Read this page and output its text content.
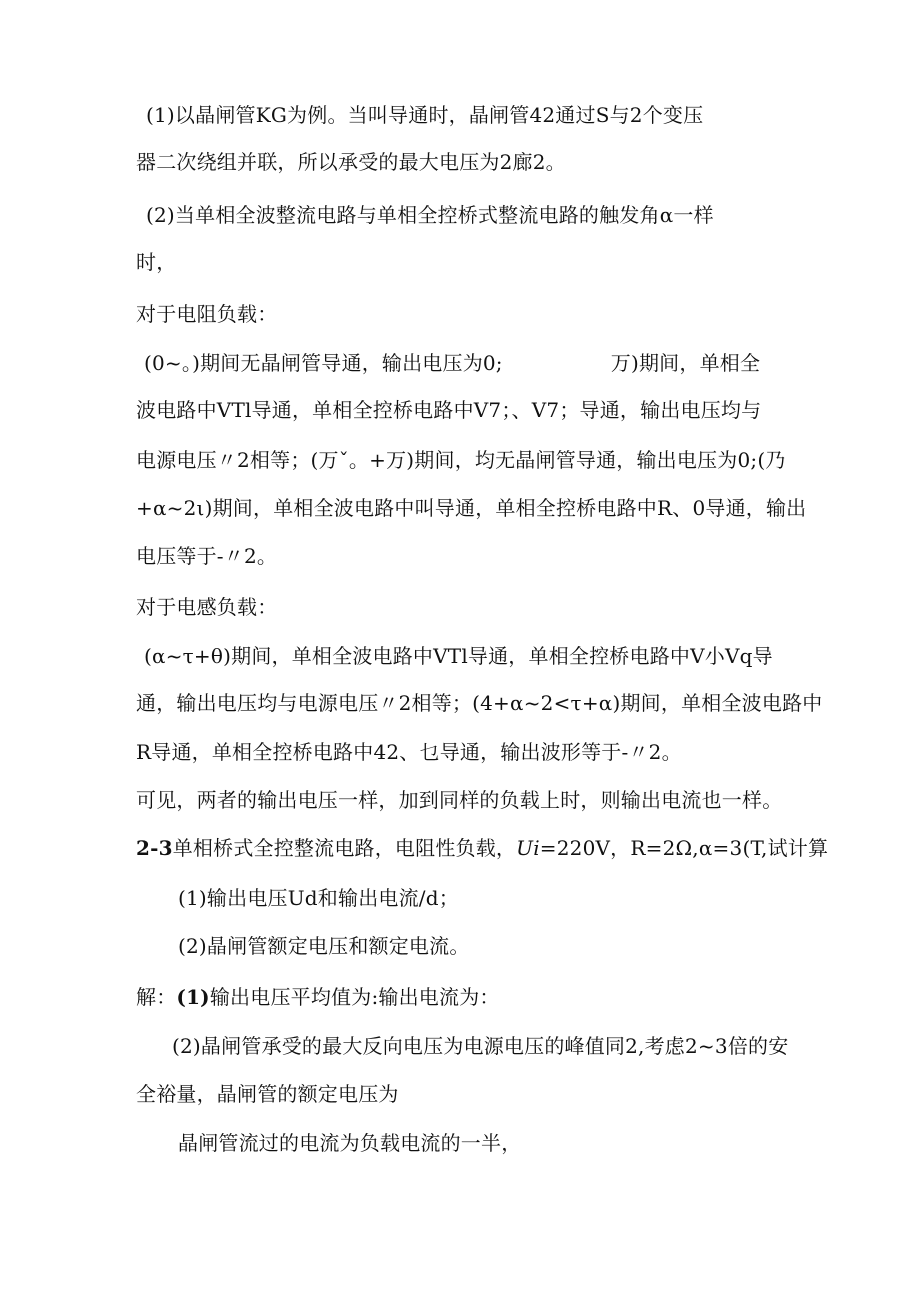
(1)以晶闸管KG为例。当叫导通时，晶闸管42通过S与2个变压
器二次绕组并联，所以承受的最大电压为2廊2。
(2)当单相全波整流电路与单相全控桥式整流电路的触发角α一样
时，
对于电阻负载：
(0~。)期间无晶闸管导通，输出电压为0;	万)期间，单相全
波电路中VTl导通，单相全控桥电路中V7；、V7；导通，输出电压均与
电源电压〃2相等；(万ˇ。+万)期间，均无晶闸管导通，输出电压为0;(乃
+α~2ι)期间，单相全波电路中叫导通，单相全控桥电路中R、0导通，输出
电压等于-〃2。
对于电感负载：
(α~τ+θ)期间，单相全波电路中VTl导通，单相全控桥电路中V小Vq导
通，输出电压均与电源电压〃2相等；(4+α~2<τ+α)期间，单相全波电路中
R导通，单相全控桥电路中42、乜导通，输出波形等于-〃2。
可见，两者的输出电压一样，加到同样的负载上时，则输出电流也一样。
2-3单相桥式全控整流电路，电阻性负载，Ui=220V，R=2Ω,α=3(T,试计算
(1)输出电压Ud和输出电流/d；
(2)晶闸管额定电压和额定电流。
解：(1)输出电压平均值为:输出电流为：
(2)晶闸管承受的最大反向电压为电源电压的峰值同2,考虑2~3倍的安
全裕量，晶闸管的额定电压为
晶闸管流过的电流为负载电流的一半，
